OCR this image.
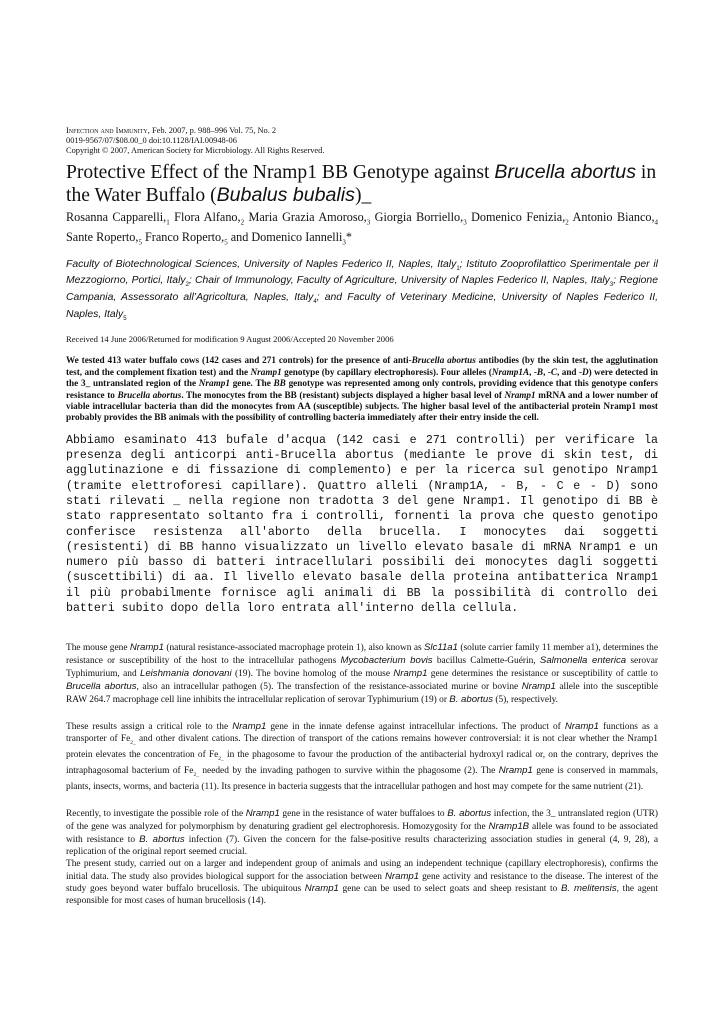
Infection and Immunity, Feb. 2007, p. 988–996 Vol. 75, No. 2
0019-9567/07/$08.00_0 doi:10.1128/IAI.00948-06
Copyright © 2007, American Society for Microbiology. All Rights Reserved.
Protective Effect of the Nramp1 BB Genotype against Brucella abortus in the Water Buffalo (Bubalus bubalis)_
Rosanna $Capparelli,_1$ Flora $Alfano,_2$ Maria Grazia $Amoroso,_3$ Giorgia $Borriello,_3$ Domenico $Fenizia,_2$ Antonio $Bianco,_4$ Sante $Roperto,_5$ Franco $Roperto,_5$ and Domenico Iannelli$_3$*
Faculty of Biotechnological Sciences, University of Naples Federico II, Naples, Italy$_1$; Istituto Zooprofilattico Sperimentale per il Mezzogiorno, Portici, Italy$_2$; Chair of Immunology, Faculty of Agriculture, University of Naples Federico II, Naples, Italy$_3$; Regione Campania, Assessorato all’Agricoltura, Naples, Italy$_4$; and Faculty of Veterinary Medicine, University of Naples Federico II, Naples, Italy$_5$
Received 14 June 2006/Returned for modification 9 August 2006/Accepted 20 November 2006
We tested 413 water buffalo cows (142 cases and 271 controls) for the presence of anti-Brucella abortus antibodies (by the skin test, the agglutination test, and the complement fixation test) and the Nramp1 genotype (by capillary electrophoresis). Four alleles (Nramp1A, -B, -C, and -D) were detected in the 3_ untranslated region of the Nramp1 gene. The BB genotype was represented among only controls, providing evidence that this genotype confers resistance to Brucella abortus. The monocytes from the BB (resistant) subjects displayed a higher basal level of Nramp1 mRNA and a lower number of viable intracellular bacteria than did the monocytes from AA (susceptible) subjects. The higher basal level of the antibacterial protein Nramp1 most probably provides the BB animals with the possibility of controlling bacteria immediately after their entry inside the cell.
Abbiamo esaminato 413 bufale d'acqua (142 casi e 271 controlli) per verificare la presenza degli anticorpi anti-Brucella abortus (mediante le prove di skin test, di agglutinazione e di fissazione di complemento) e per la ricerca sul genotipo Nramp1 (tramite elettroforesi capillare). Quattro alleli (Nramp1A, - B, - C e - D) sono stati rilevati _ nella regione non tradotta 3 del gene Nramp1. Il genotipo di BB è stato rappresentato soltanto fra i controlli, fornenti la prova che questo genotipo conferisce resistenza all'aborto della brucella. I monocytes dai soggetti (resistenti) di BB hanno visualizzato un livello elevato basale di mRNA Nramp1 e un numero più basso di batteri intracellulari possibili dei monocytes dagli soggetti (suscettibili) di aa. Il livello elevato basale della proteina antibatterica Nramp1 il più probabilmente fornisce agli animali di BB la possibilità di controllo dei batteri subito dopo della loro entrata all'interno della cellula.

The mouse gene Nramp1 (natural resistance-associated macrophage protein 1), also known as Slc11a1 (solute carrier family 11 member a1), determines the resistance or susceptibility of the host to the intracellular pathogens Mycobacterium bovis bacillus Calmette-Guérin, Salmonella enterica serovar Typhimurium, and Leishmania donovani (19). The bovine homolog of the mouse Nramp1 gene determines the resistance or susceptibility of cattle to Brucella abortus, also an intracellular pathogen (5). The transfection of the resistance-associated murine or bovine Nramp1 allele into the susceptible RAW 264.7 macrophage cell line inhibits the intracellular replication of serovar Typhimurium (19) or B. abortus (5), respectively.

These results assign a critical role to the Nramp1 gene in the innate defense against intracellular infections. The product of Nramp1 functions as a transporter of $Fe_{2\_}$ and other divalent cations. The direction of transport of the cations remains however controversial: it is not clear whether the Nramp1 protein elevates the concentration of $Fe_{2\_}$ in the phagosome to favour the production of the antibacterial hydroxyl radical or, on the contrary, deprives the intraphagosomal bacterium of $Fe_{2\_}$ needed by the invading pathogen to survive within the phagosome (2). The Nramp1 gene is conserved in mammals, plants, insects, worms, and bacteria (11). Its presence in bacteria suggests that the intracellular pathogen and host may compete for the same nutrient (21).

Recently, to investigate the possible role of the Nramp1 gene in the resistance of water buffaloes to B. abortus infection, the 3_ untranslated region (UTR) of the gene was analyzed for polymorphism by denaturing gradient gel electrophoresis. Homozygosity for the Nramp1B allele was found to be associated with resistance to B. abortus infection (7). Given the concern for the false-positive results characterizing association studies in general (4, 9, 28), a replication of the original report seemed crucial.

The present study, carried out on a larger and independent group of animals and using an independent technique (capillary electrophoresis), confirms the initial data. The study also provides biological support for the association between Nramp1 gene activity and resistance to the disease. The interest of the study goes beyond water buffalo brucellosis. The ubiquitous Nramp1 gene can be used to select goats and sheep resistant to B. melitensis, the agent responsible for most cases of human brucellosis (14).
